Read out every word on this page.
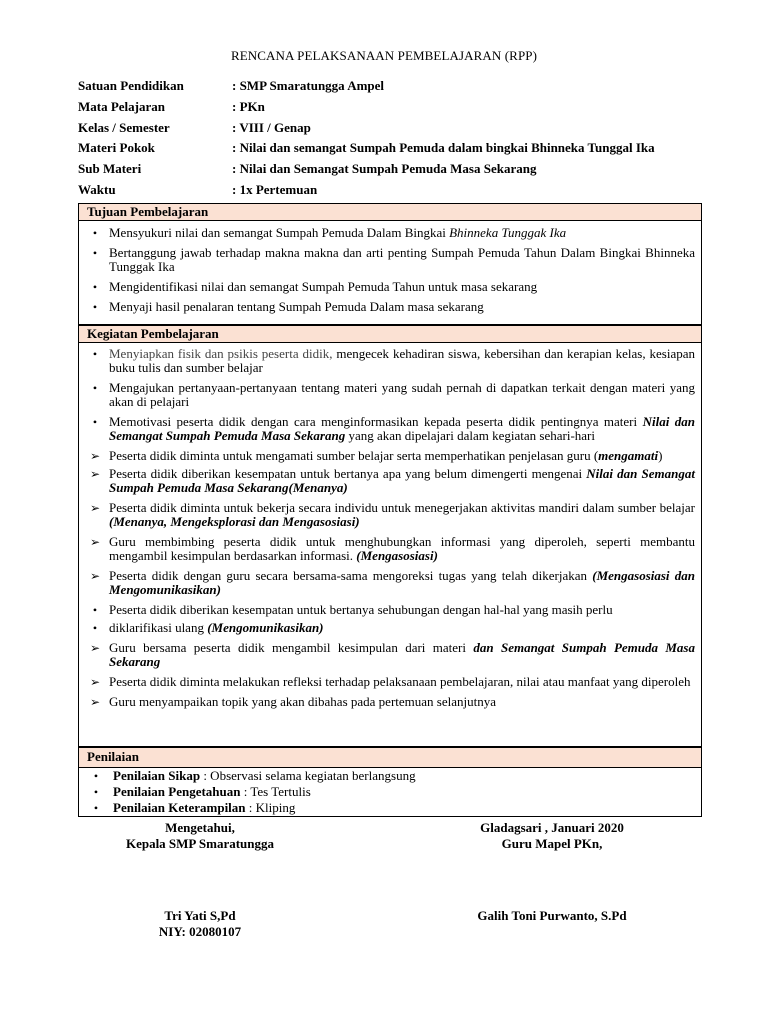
RENCANA PELAKSANAAN PEMBELAJARAN (RPP)
Satuan Pendidikan	: SMP Smaratungga Ampel
Mata Pelajaran	: PKn
Kelas / Semester	: VIII / Genap
Materi Pokok	: Nilai dan semangat Sumpah Pemuda dalam bingkai Bhinneka Tunggal Ika
Sub Materi	: Nilai dan Semangat Sumpah Pemuda Masa Sekarang
Waktu	: 1x Pertemuan
Tujuan Pembelajaran
• Mensyukuri nilai dan semangat Sumpah Pemuda Dalam Bingkai Bhinneka Tunggak Ika
• Bertanggung jawab terhadap makna makna dan arti penting Sumpah Pemuda Tahun Dalam Bingkai Bhinneka Tunggak Ika
• Mengidentifikasi nilai dan semangat Sumpah Pemuda Tahun untuk masa sekarang
• Menyaji hasil penalaran tentang Sumpah Pemuda Dalam masa sekarang
Kegiatan Pembelajaran
• Menyiapkan fisik dan psikis peserta didik, mengecek kehadiran siswa, kebersihan dan kerapian kelas, kesiapan buku tulis dan sumber belajar
• Mengajukan pertanyaan-pertanyaan tentang materi yang sudah pernah di dapatkan terkait dengan materi yang akan di pelajari
• Memotivasi peserta didik dengan cara menginformasikan kepada peserta didik pentingnya materi Nilai dan Semangat Sumpah Pemuda Masa Sekarang yang akan dipelajari dalam kegiatan sehari-hari
➢ Peserta didik diminta untuk mengamati sumber belajar serta memperhatikan penjelasan guru (mengamati)
➢ Peserta didik diberikan kesempatan untuk bertanya apa yang belum dimengerti mengenai Nilai dan Semangat Sumpah Pemuda Masa Sekarang(Menanya)
➢ Peserta didik diminta untuk bekerja secara individu untuk menegerjakan aktivitas mandiri dalam sumber belajar (Menanya, Mengeksplorasi dan Mengasosiasi)
➢ Guru membimbing peserta didik untuk menghubungkan informasi yang diperoleh, seperti membantu mengambil kesimpulan berdasarkan informasi. (Mengasosiasi)
➢ Peserta didik dengan guru secara bersama-sama mengoreksi tugas yang telah dikerjakan (Mengasosiasi dan Mengomunikasikan)
• Peserta didik diberikan kesempatan untuk bertanya sehubungan dengan hal-hal yang masih perlu
• diklarifikasi ulang (Mengomunikasikan)
➢ Guru bersama peserta didik mengambil kesimpulan dari materi dan Semangat Sumpah Pemuda Masa Sekarang
➢ Peserta didik diminta melakukan refleksi terhadap pelaksanaan pembelajaran, nilai atau manfaat yang diperoleh
➢ Guru menyampaikan topik yang akan dibahas pada pertemuan selanjutnya
Penilaian
•	Penilaian Sikap : Observasi selama kegiatan berlangsung
•	Penilaian Pengetahuan : Tes Tertulis
•	Penilaian Keterampilan : Kliping
Mengetahui,
Kepala SMP Smaratungga
Gladagsari , Januari 2020
Guru Mapel PKn,
Tri Yati S,Pd
NIY: 02080107
Galih Toni Purwanto, S.Pd
